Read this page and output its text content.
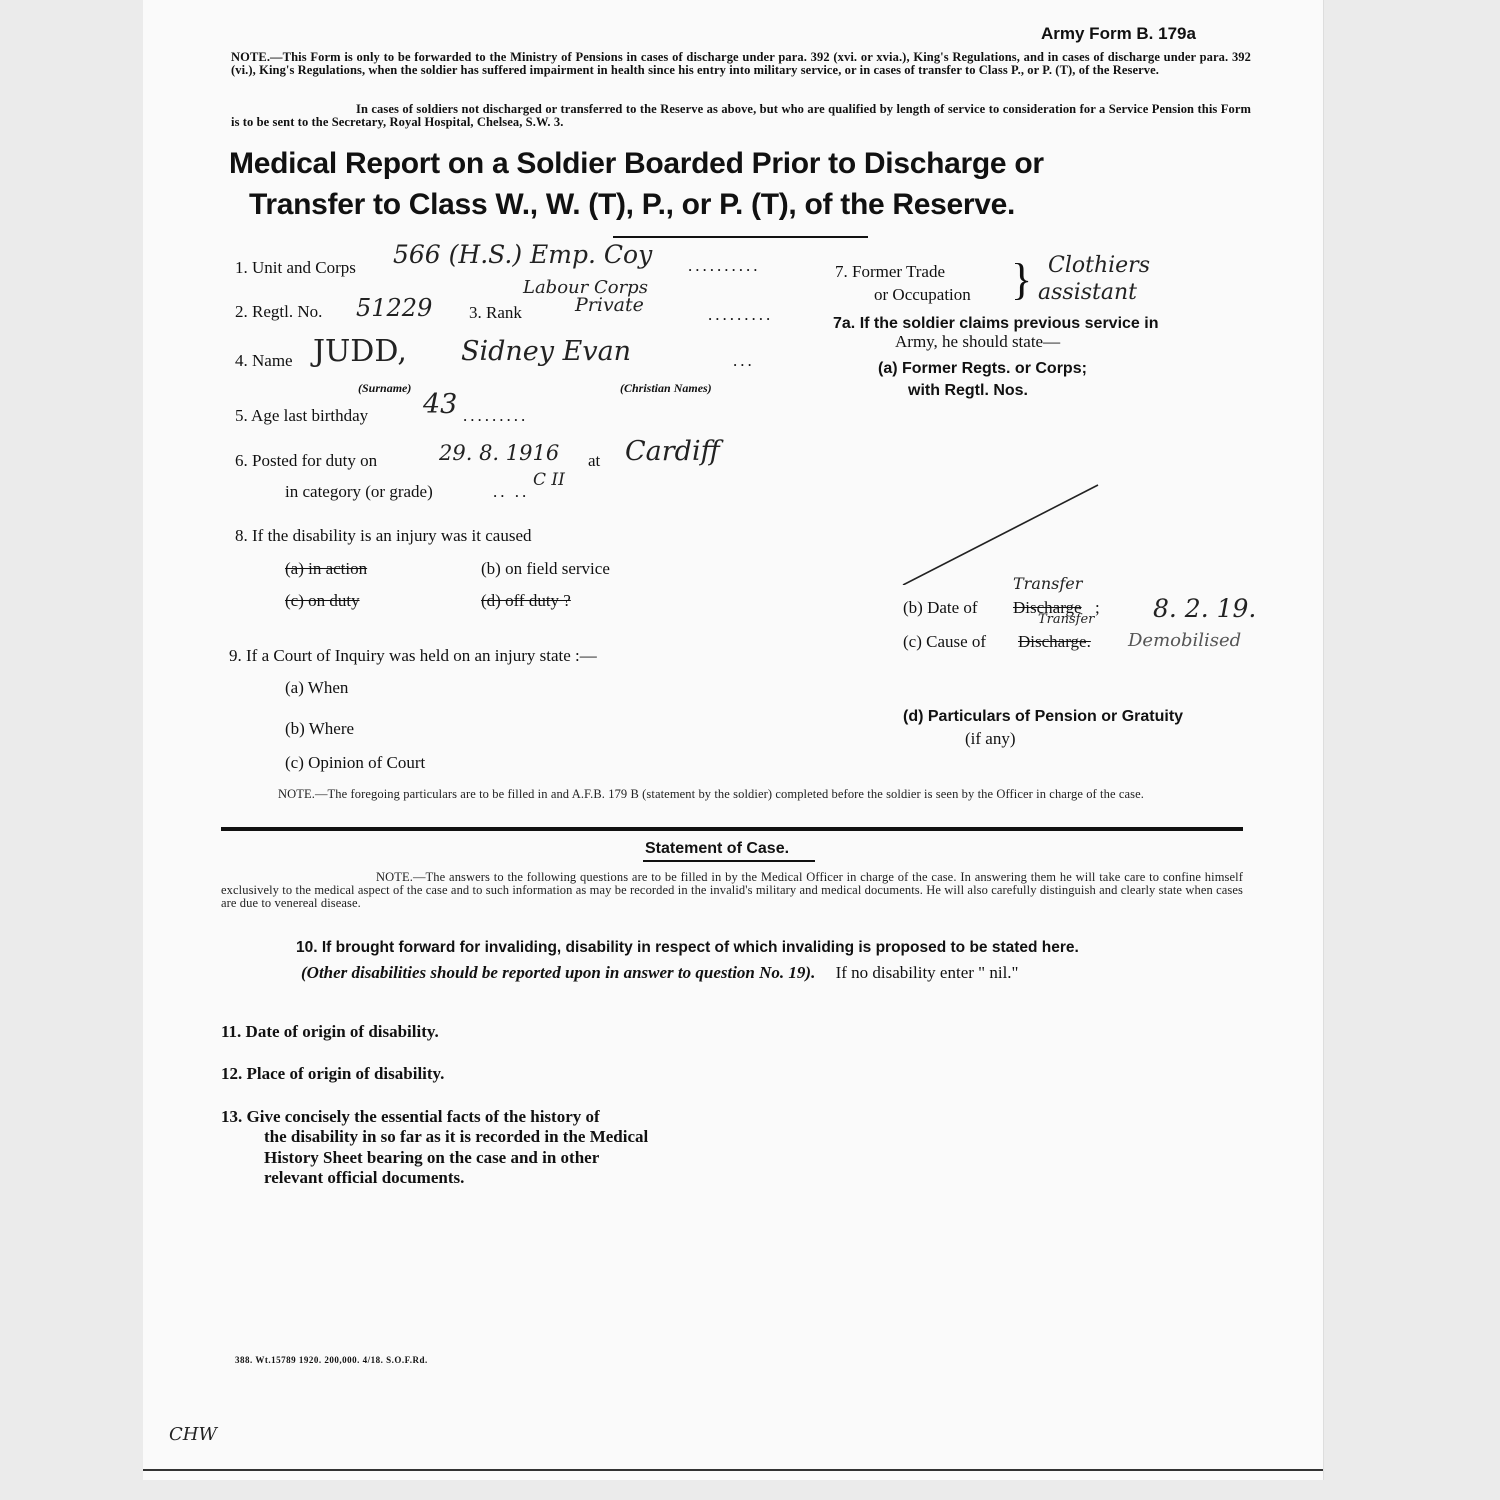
Army Form B. 179a
NOTE.—This Form is only to be forwarded to the Ministry of Pensions in cases of discharge under para. 392 (xvi. or xvia.), King's Regulations, and in cases of discharge under para. 392 (vi.), King's Regulations, when the soldier has suffered impairment in health since his entry into military service, or in cases of transfer to Class P., or P. (T), of the Reserve.
In cases of soldiers not discharged or transferred to the Reserve as above, but who are qualified by length of service to consideration for a Service Pension this Form is to be sent to the Secretary, Royal Hospital, Chelsea, S.W. 3.
Medical Report on a Soldier Boarded Prior to Discharge or
Transfer to Class W., W. (T), P., or P. (T), of the Reserve.
1. Unit and Corps 566 (H.S.) Emp. Coy ..........
Labour Corps
2. Regtl. No. 51229 3. Rank	Private	.........
4. Name JUDD, Sidney Evan	...
(Surname)	(Christian Names)
5. Age last birthday 43 .........
6. Posted for duty on	29. 8. 1916 at Cardiff
in category (or grade)
C II
.. ..
8. If the disability is an injury was it caused
(a) in action	(b) on field service
(c) on duty	(d) off duty ?
9. If a Court of Inquiry was held on an injury state :—
(a) When
(b) Where
(c) Opinion of Court
7. Former Trade
or Occupation } Clothiers
assistant
7a. If the soldier claims previous service in
Army, he should state—
(a) Former Regts. or Corps;
with Regtl. Nos.
(b) Date of Discharge
Transfer
; 8. 2. 19.
(c) Cause of Discharge.
Transfer
Demobilised
(d) Particulars of Pension or Gratuity
(if any)
NOTE.—The foregoing particulars are to be filled in and A.F.B. 179 B (statement by the soldier) completed before the soldier is seen by the Officer in charge of the case.
Statement of Case.
NOTE.—The answers to the following questions are to be filled in by the Medical Officer in charge of the case. In answering them he will take care to confine himself exclusively to the medical aspect of the case and to such information as may be recorded in the invalid's military and medical documents. He will also carefully distinguish and clearly state when cases are due to venereal disease.
10. If brought forward for invaliding, disability in respect of which invaliding is proposed to be stated here.
(Other disabilities should be reported upon in answer to question No. 19). If no disability enter " nil."
11. Date of origin of disability.
12. Place of origin of disability.
13. Give concisely the essential facts of the history of
the disability in so far as it is recorded in the Medical
History Sheet bearing on the case and in other
relevant official documents.
388. Wt.15789 1920. 200,000. 4/18. S.O.F.Rd.
CHW
